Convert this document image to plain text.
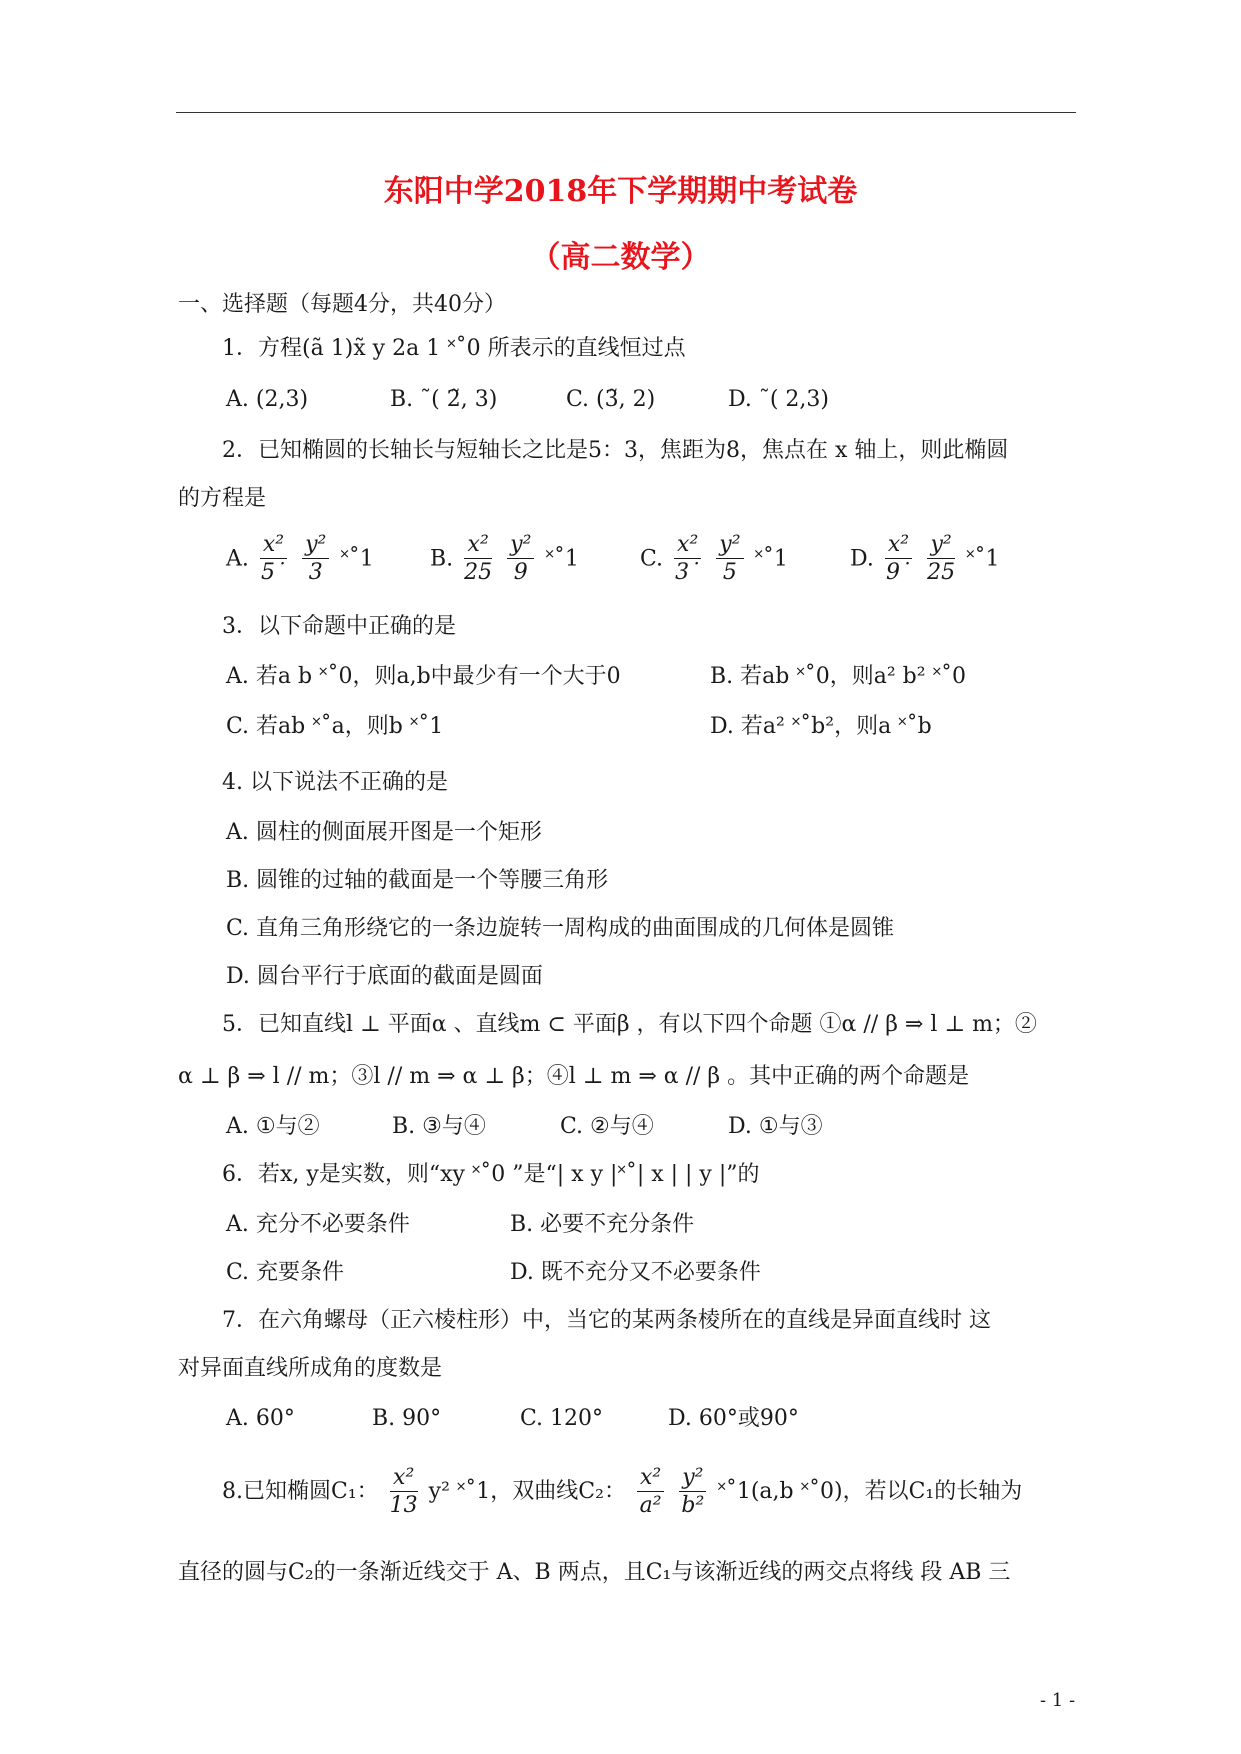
东阳中学2018年下学期期中考试卷
（高二数学）
一、选择题（每题4分，共40分）
1．方程(ã 1)x̃ y 2a 1 ˟˚0 所表示的直线恒过点
A. (2,3)	B. ˜( 2̃, 3)	C. (3̃, 2)	D. ˜( 2,3)
2．已知椭圆的长轴长与短轴长之比是5：3，焦距为8，焦点在 x 轴上，则此椭圆
的方程是
A. $\frac{\text{x²}}{5˙}$
$\frac{\text{y²}}{3}$ ˟˚1	B. $\frac{\text{x²}}{25}$
$\frac{\text{y²}}{9}$ ˟˚1	C. $\frac{\text{x²}}{3˙}$
$\frac{\text{y²}}{5}$ ˟˚1	D. $\frac{\text{x²}}{9˙}$
$\frac{\text{y²}}{25}$ ˟˚1
3．以下命题中正确的是
A. 若a b ˟˚0，则a,b中最少有一个大于0	B. 若ab ˟˚0，则a² b² ˟˚0
C. 若ab ˟˚a，则b ˟˚1	D. 若a² ˟˚b²，则a ˟˚b
4. 以下说法不正确的是
A. 圆柱的侧面展开图是一个矩形
B. 圆锥的过轴的截面是一个等腰三角形
C. 直角三角形绕它的一条边旋转一周构成的曲面围成的几何体是圆锥
D. 圆台平行于底面的截面是圆面
5．已知直线l ⊥ 平面α 、直线m ⊂ 平面β ，有以下四个命题 ①α // β ⇒ l ⊥ m；②
α ⊥ β ⇒ l // m；③l // m ⇒ α ⊥ β；④l ⊥ m ⇒ α // β 。其中正确的两个命题是
A. ①与②	B. ③与④	C. ②与④	D. ①与③
6．若x, y是实数，则“xy ˟˚0 ”是“| x y |˟˚| x | | y |”的
A. 充分不必要条件	B. 必要不充分条件
C. 充要条件	D. 既不充分又不必要条件
7．在六角螺母（正六棱柱形）中，当它的某两条棱所在的直线是异面直线时 这
对异面直线所成角的度数是
A. 60°	B. 90°	C. 120°	D. 60°或90°
8.已知椭圆C₁： $\frac{\text{x²}}{13} y^2$ ˟˚1，双曲线C₂： $\frac{\text{x²}}{\text{a²}}$
$\frac{\text{y²}}{\text{b²}}$ ˟˚1(a,b ˟˚0)，若以C₁的长轴为
直径的圆与C₂的一条渐近线交于 A、B 两点，且C₁与该渐近线的两交点将线 段 AB 三
- 1 -
